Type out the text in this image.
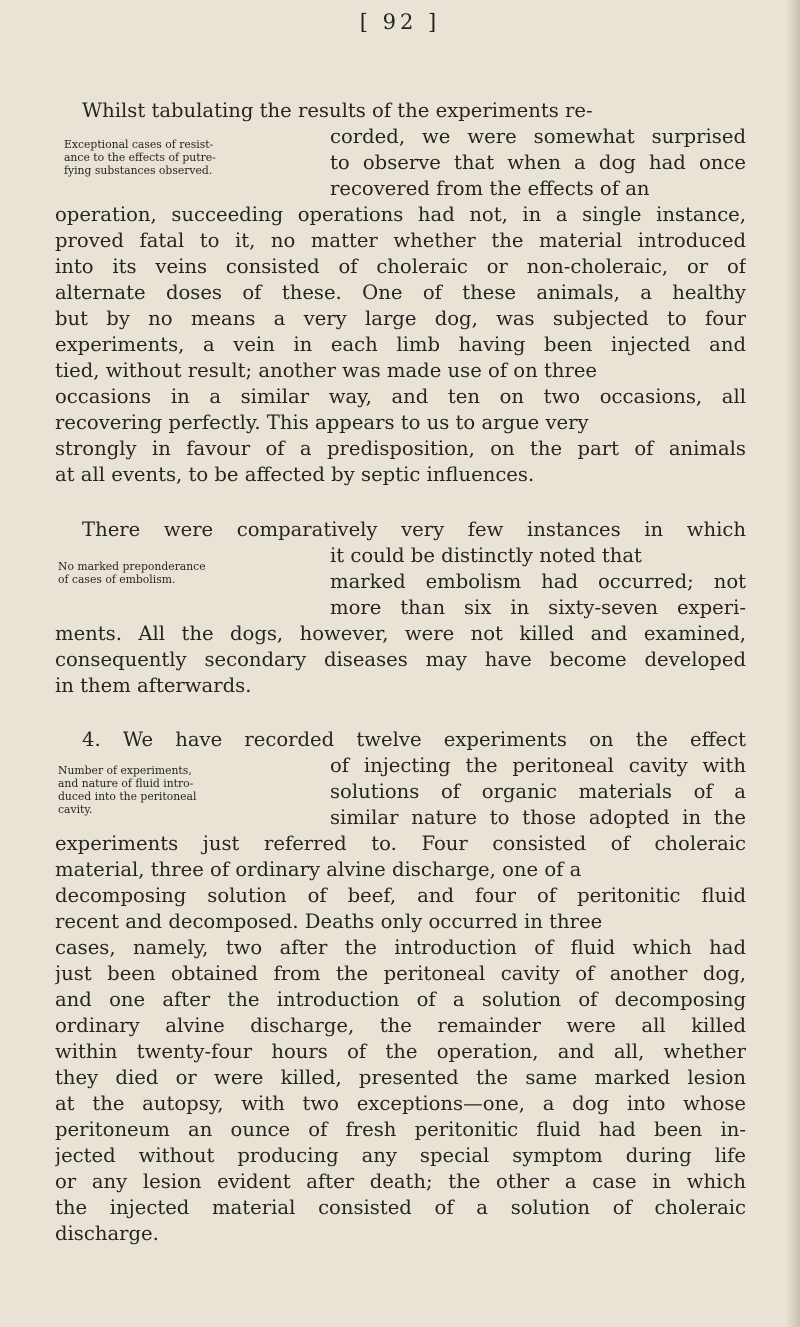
[ 92 ]
Whilst tabulating the results of the experiments re-
corded, we were somewhat surprised
to observe that when a dog had once
recovered from the effects of an
operation, succeeding operations had not, in a single instance,
proved fatal to it, no matter whether the material introduced
into its veins consisted of choleraic or non-choleraic, or of
alternate doses of these. One of these animals, a healthy
but by no means a very large dog, was subjected to four
experiments, a vein in each limb having been injected and
tied, without result; another was made use of on three
occasions in a similar way, and ten on two occasions, all
recovering perfectly. This appears to us to argue very
strongly in favour of a predisposition, on the part of animals
at all events, to be affected by septic influences.
Exceptional cases of resist-
ance to the effects of putre-
fying substances observed.
There were comparatively very few instances in which
it could be distinctly noted that
marked embolism had occurred; not
more than six in sixty-seven experi-
ments. All the dogs, however, were not killed and examined,
consequently secondary diseases may have become developed
in them afterwards.
No marked preponderance
of cases of embolism.
4. We have recorded twelve experiments on the effect
of injecting the peritoneal cavity with
solutions of organic materials of a
similar nature to those adopted in the
experiments just referred to. Four consisted of choleraic
material, three of ordinary alvine discharge, one of a
decomposing solution of beef, and four of peritonitic fluid
recent and decomposed. Deaths only occurred in three
cases, namely, two after the introduction of fluid which had
just been obtained from the peritoneal cavity of another dog,
and one after the introduction of a solution of decomposing
ordinary alvine discharge, the remainder were all killed
within twenty-four hours of the operation, and all, whether
they died or were killed, presented the same marked lesion
at the autopsy, with two exceptions—one, a dog into whose
peritoneum an ounce of fresh peritonitic fluid had been in-
jected without producing any special symptom during life
or any lesion evident after death; the other a case in which
the injected material consisted of a solution of choleraic
discharge.
Number of experiments,
and nature of fluid intro-
duced into the peritoneal
cavity.
